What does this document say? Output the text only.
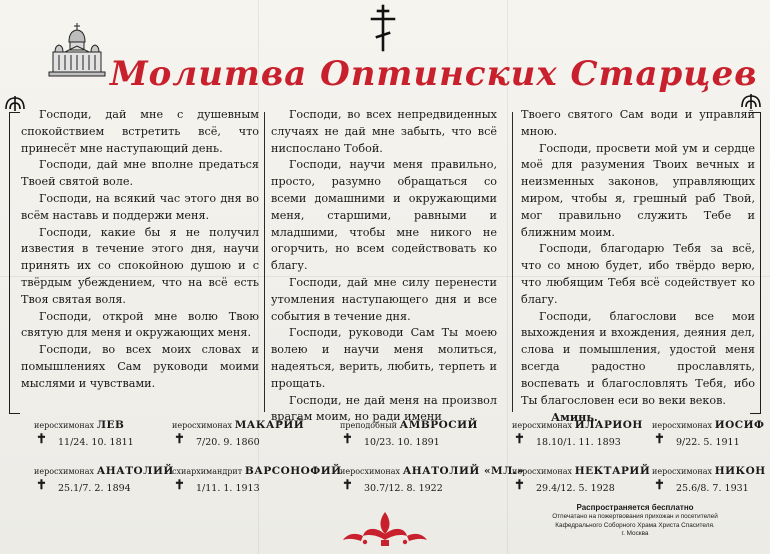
Молитва Оптинских Старцев

Господи, дай мне с душевным спокойствием встретить всё, что принесёт мне наступающий день.

Господи, дай мне вполне предаться Твоей святой воле.

Господи, на всякий час этого дня во всём наставь и поддержи меня.

Господи, какие бы я не получил известия в течение этого дня, научи принять их со спокойною душою и с твёрдым убеждением, что на всё есть Твоя святая воля.

Господи, открой мне волю Твою святую для меня и окружающих меня.

Господи, во всех моих словах и помышлениях Сам руководи моими мыслями и чувствами.

Господи, во всех непредвиденных случаях не дай мне забыть, что всё ниспослано Тобой.

Господи, научи меня правильно, просто, разумно обращаться со всеми домашними и окружающими меня, старшими, равными и младшими, чтобы мне никого не огорчить, но всем содействовать ко благу.

Господи, дай мне силу перенести утомления наступающего дня и все события в течение дня.

Господи, руководи Сам Ты моею волею и научи меня молиться, надеяться, верить, любить, терпеть и прощать.

Господи, не дай меня на произвол врагам моим, но ради имени

Твоего святого Сам води и управляй мною.

Господи, просвети мой ум и сердце моё для разумения Твоих вечных и неизменных законов, управляющих миром, чтобы я, грешный раб Твой, мог правильно служить Тебе и ближним моим.

Господи, благодарю Тебя за всё, что со мною будет, ибо твёрдо верю, что любящим Тебя всё содействует ко благу.

Господи, благослови все мои выхождения и вхождения, деяния дел, слова и помышления, удостой меня всегда радостно прославлять, воспевать и благословлять Тебя, ибо Ты благословен еси во веки веков.

Аминь.

иеросхимонах ЛЕВ
✝ 11/24. 10. 1811
иеросхимонах МАКАРИЙ
✝ 7/20. 9. 1860
преподобный АМВРОСИЙ
✝ 10/23. 10. 1891
иеросхимонах ИЛАРИОН
✝ 18.10/1. 11. 1893
иеросхимонах ИОСИФ
✝ 9/22. 5. 1911
иеросхимонах АНАТОЛИЙ
✝ 25.1/7. 2. 1894
схиархимандрит ВАРСОНОФИЙ
✝ 1/11. 1. 1913
иеросхимонах АНАТОЛИЙ «МЛ.»
✝ 30.7/12. 8. 1922
иеросхимонах НЕКТАРИЙ
✝ 29.4/12. 5. 1928
иеросхимонах НИКОН
✝ 25.6/8. 7. 1931
Распространяется бесплатно
Отпечатано на пожертвования прихожан и посетителей
Кафедрального Соборного Храма Христа Спасителя.
г. Москва
